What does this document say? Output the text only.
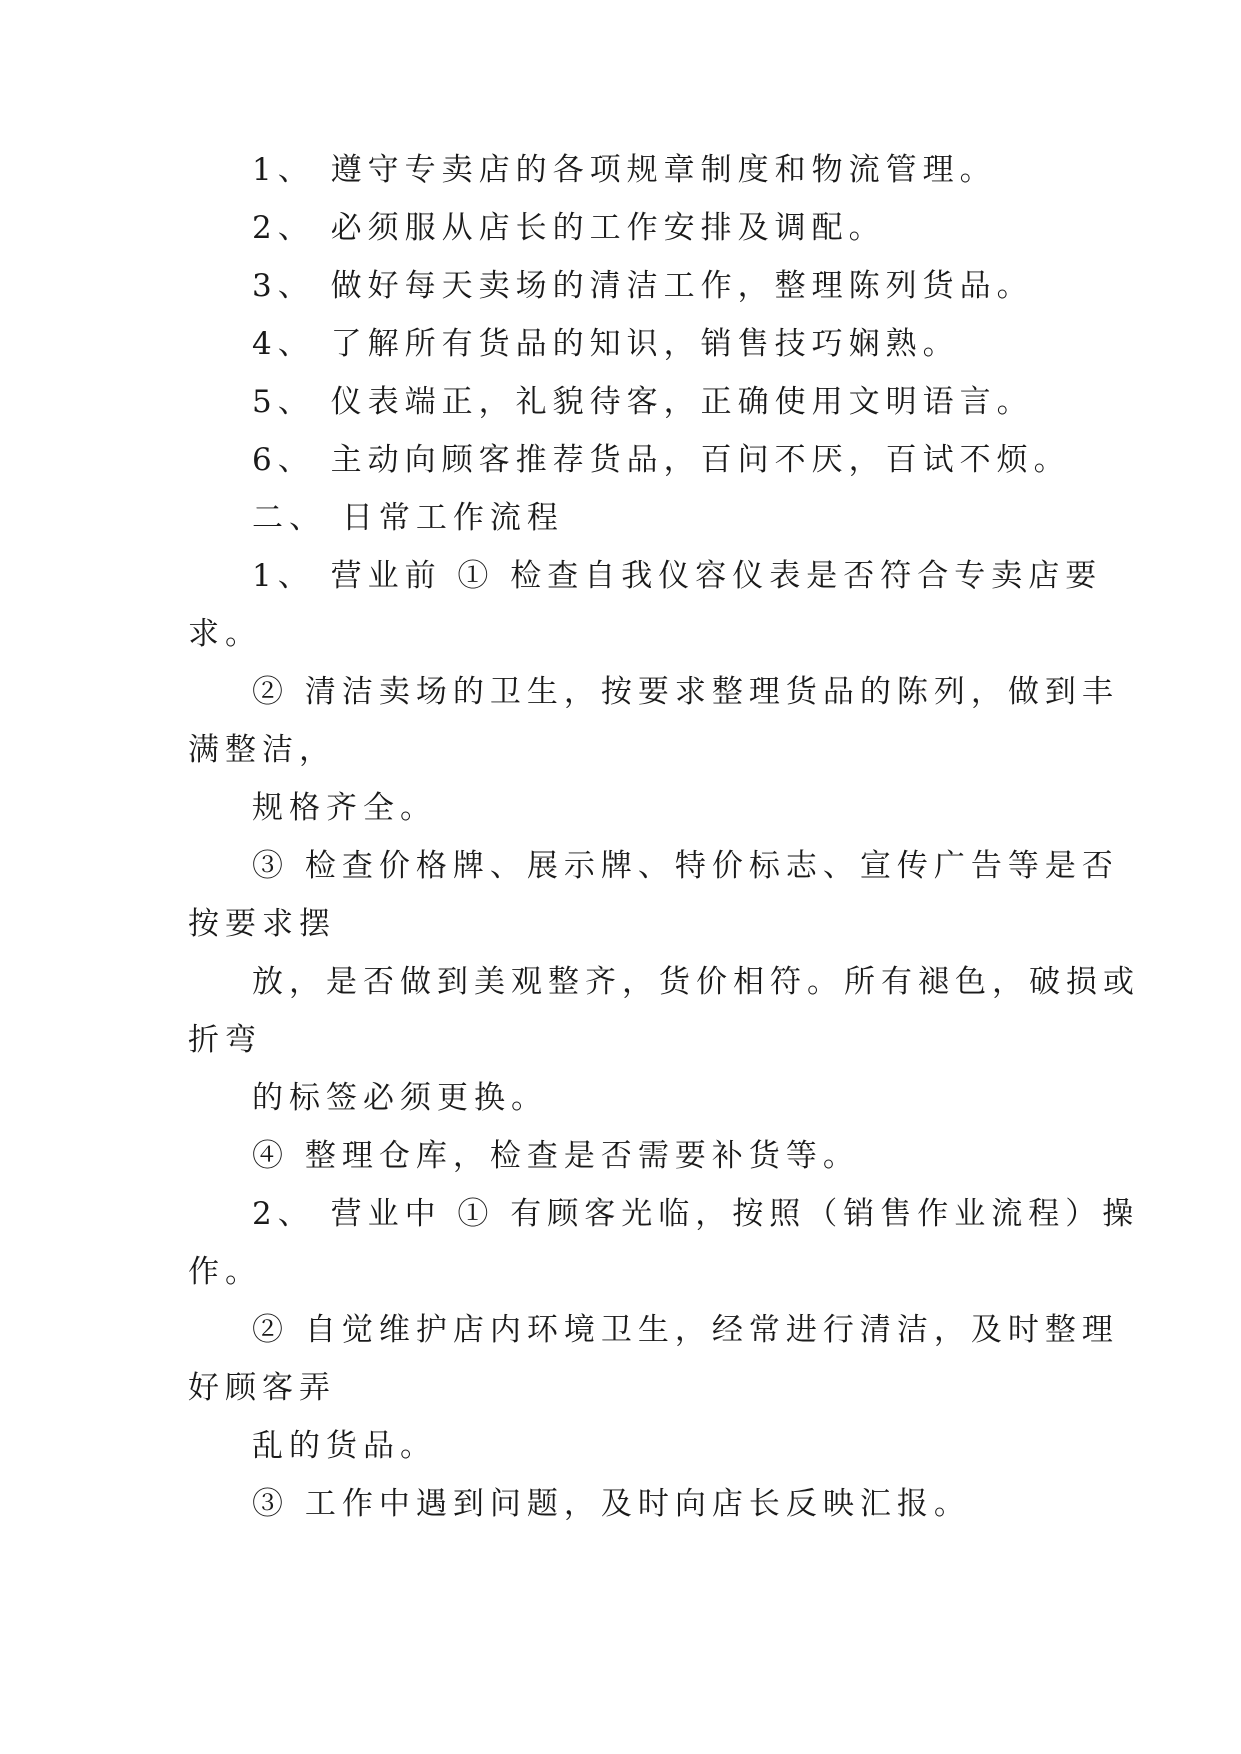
1、 遵守专卖店的各项规章制度和物流管理。
2、 必须服从店长的工作安排及调配。
3、 做好每天卖场的清洁工作，整理陈列货品。
4、 了解所有货品的知识，销售技巧娴熟。
5、 仪表端正，礼貌待客，正确使用文明语言。
6、 主动向顾客推荐货品，百问不厌，百试不烦。
二、 日常工作流程
1、 营业前 ① 检查自我仪容仪表是否符合专卖店要
求。
② 清洁卖场的卫生，按要求整理货品的陈列，做到丰
满整洁，
规格齐全。
③ 检查价格牌、展示牌、特价标志、宣传广告等是否
按要求摆
放，是否做到美观整齐，货价相符。所有褪色，破损或
折弯
的标签必须更换。
④ 整理仓库，检查是否需要补货等。
2、 营业中 ① 有顾客光临，按照（销售作业流程）操
作。
② 自觉维护店内环境卫生，经常进行清洁，及时整理
好顾客弄
乱的货品。
③ 工作中遇到问题，及时向店长反映汇报。
